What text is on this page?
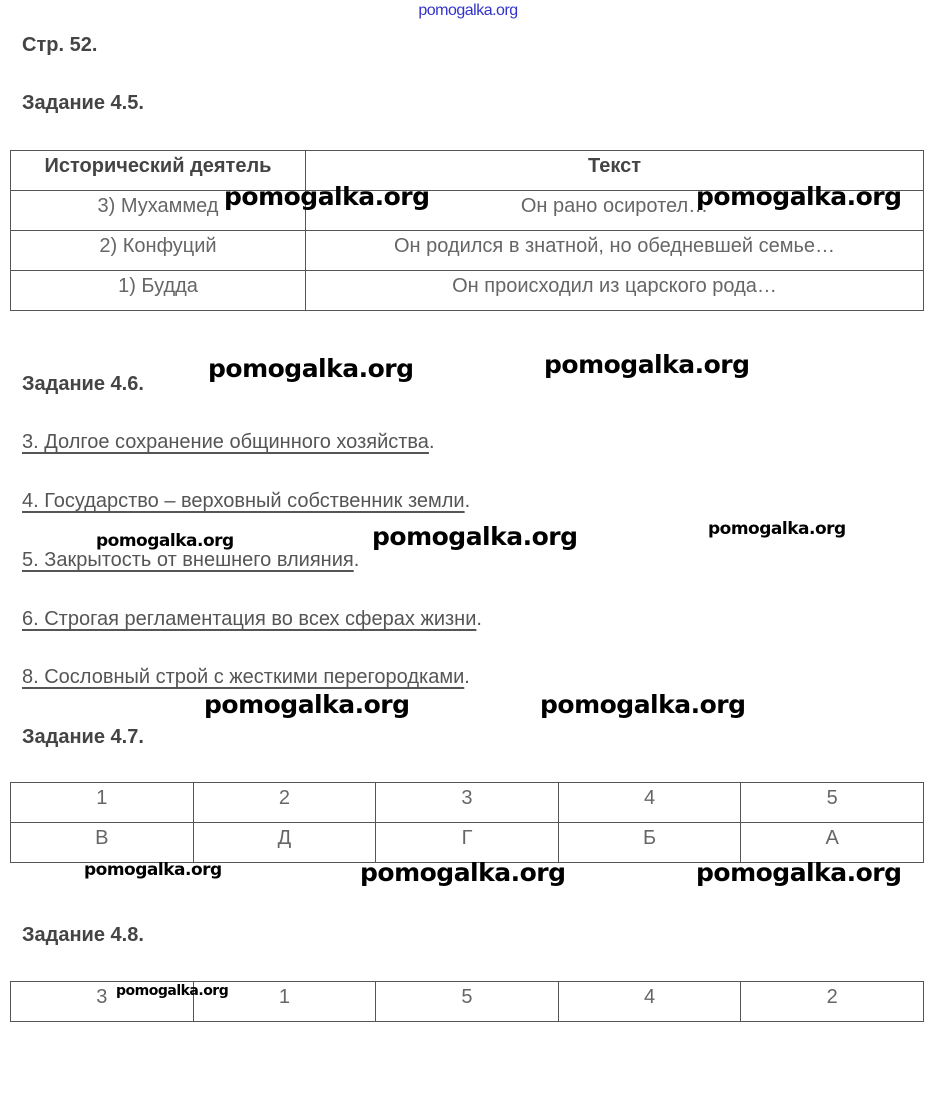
pomogalka.org
Стр. 52.
Задание 4.5.
Исторический деятель	Текст
3) Мухаммед	Он рано осиротел…
2) Конфуций	Он родился в знатной, но обедневшей семье…
1) Будда	Он происходил из царского рода…
Задание 4.6.
3. Долгое сохранение общинного хозяйства.
4. Государство – верховный собственник земли.
5. Закрытость от внешнего влияния.
6. Строгая регламентация во всех сферах жизни.
8. Сословный строй с жесткими перегородками.
Задание 4.7.
1	2	3	4	5
В	Д	Г	Б	А
Задание 4.8.
3	1	5	4	2
pomogalka.org	pomogalka.org
pomogalka.org	pomogalka.org
pomogalka.org	pomogalka.org	pomogalka.org
pomogalka.org	pomogalka.org
pomogalka.org	pomogalka.org	pomogalka.org
pomogalka.org
